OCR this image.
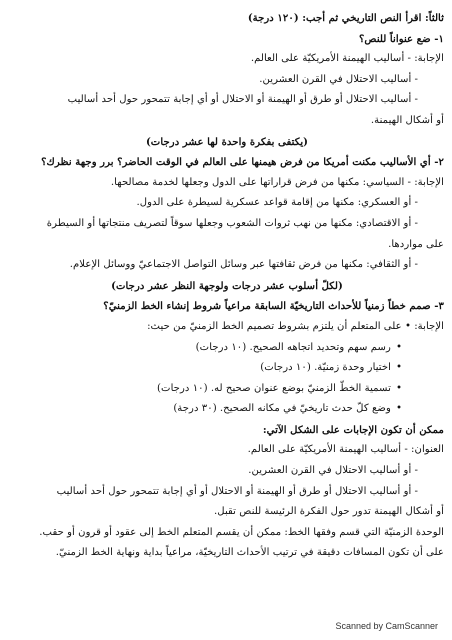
ثالثاً: اقرأ النص التاريخي ثم أجب: (١٢٠ درجة)
١- ضع عنواناً للنص؟
الإجابة: - أساليب الهيمنة الأمريكيّة على العالم.
- أساليب الاحتلال في القرن العشرين.
- أساليب الاحتلال أو طرق أو الهيمنة أو الاحتلال أو أي إجابة تتمحور حول أحد أساليب
أو أشكال الهيمنة.
(يكتفى بفكرة واحدة لها عشر درجات)
٢- أي الأساليب مكنت أمريكا من فرض هيمنها على العالم في الوقت الحاضر؟ برر وجهة نظرك؟
الإجابة: - السياسي: مكنها من فرض قراراتها على الدول وجعلها لخدمة مصالحها.
- أو العسكري: مكنها من إقامة قواعد عسكرية لسيطرة على الدول.
- أو الاقتصادي: مكنها من نهب ثروات الشعوب وجعلها سوقاً لتصريف منتجاتها أو السيطرة
على مواردها.
- أو الثقافي: مكنها من فرض ثقافتها عبر وسائل التواصل الاجتماعيّ ووسائل الإعلام.
(لكلّ أسلوب عشر درجات ولوجهة النظر عشر درجات)
٣- صمم خطاً زمنياً للأحداث التاريخيّة السابقة مراعياً شروط إنشاء الخط الزمنيّ؟
الإجابة: • على المتعلم أن يلتزم بشروط تصميم الخط الزمنيّ من حيث:
• رسم سهم وتحديد اتجاهه الصحيح. (١٠ درجات)
• اختيار وحدة زمنيّة. (١٠ درجات)
• تسمية الخطّ الزمنيّ بوضع عنوان صحيح له. (١٠ درجات)
• وضع كلّ حدث تاريخيّ في مكانه الصحيح. (٣٠ درجة)
ممكن أن تكون الإجابات على الشكل الآتي:
العنوان: - أساليب الهيمنة الأمريكيّة على العالم.
- أو أساليب الاحتلال في القرن العشرين.
- أو أساليب الاحتلال أو طرق أو الهيمنة أو الاحتلال أو أي إجابة تتمحور حول أحد أساليب
أو أشكال الهيمنة تدور حول الفكرة الرئيسة للنص تقبل.
الوحدة الزمنيّة التي قسم وفقها الخط: ممكن أن يقسم المتعلم الخط إلى عقود أو قرون أو حقب.
على أن تكون المسافات دقيقة في ترتيب الأحداث التاريخيّة، مراعياً بداية ونهاية الخط الزمنيّ.
Scanned by CamScanner
